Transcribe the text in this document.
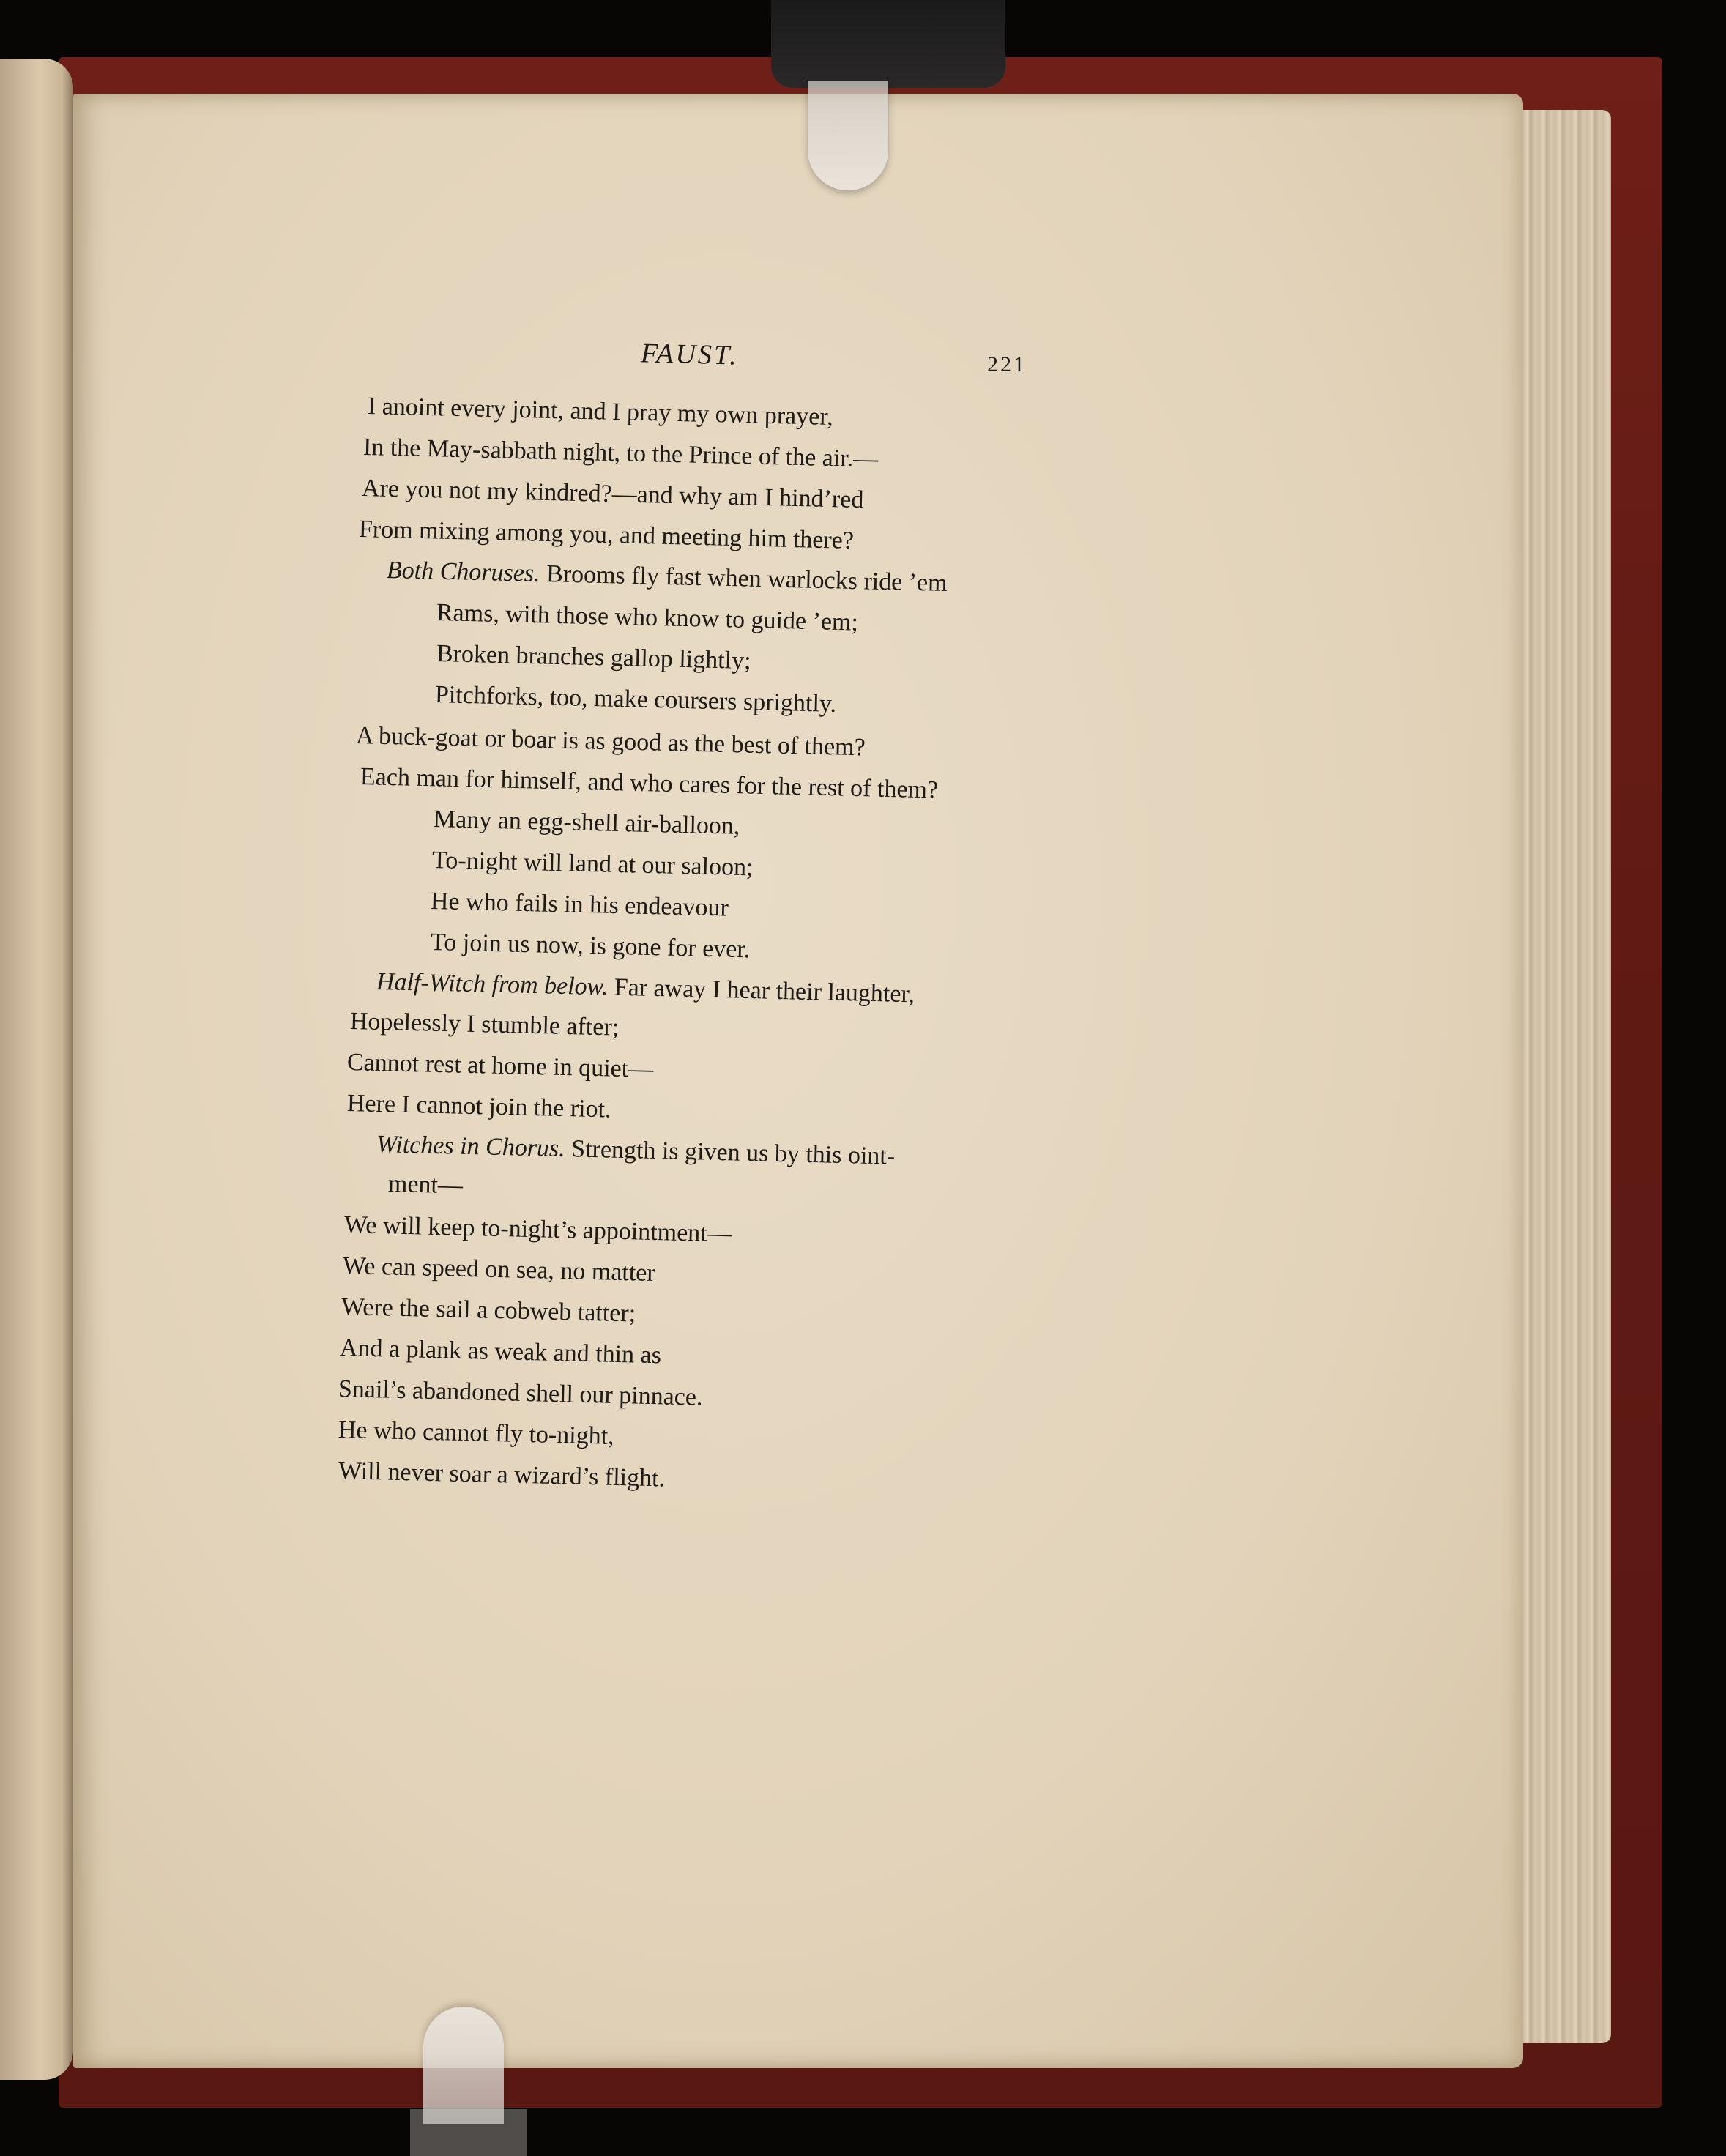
FAUST.	221
I anoint every joint, and I pray my own prayer,
In the May-sabbath night, to the Prince of the air.—
Are you not my kindred?—and why am I hind’red
From mixing among you, and meeting him there?
Both Choruses. Brooms fly fast when warlocks ride ’em
Rams, with those who know to guide ’em;
Broken branches gallop lightly;
Pitchforks, too, make coursers sprightly.
A buck-goat or boar is as good as the best of them?
Each man for himself, and who cares for the rest of them?
Many an egg-shell air-balloon,
To-night will land at our saloon;
He who fails in his endeavour
To join us now, is gone for ever.
Half-Witch from below. Far away I hear their laughter,
Hopelessly I stumble after;
Cannot rest at home in quiet—
Here I cannot join the riot.
Witches in Chorus. Strength is given us by this oint-
ment—
We will keep to-night’s appointment—
We can speed on sea, no matter
Were the sail a cobweb tatter;
And a plank as weak and thin as
Snail’s abandoned shell our pinnace.
He who cannot fly to-night,
Will never soar a wizard’s flight.
